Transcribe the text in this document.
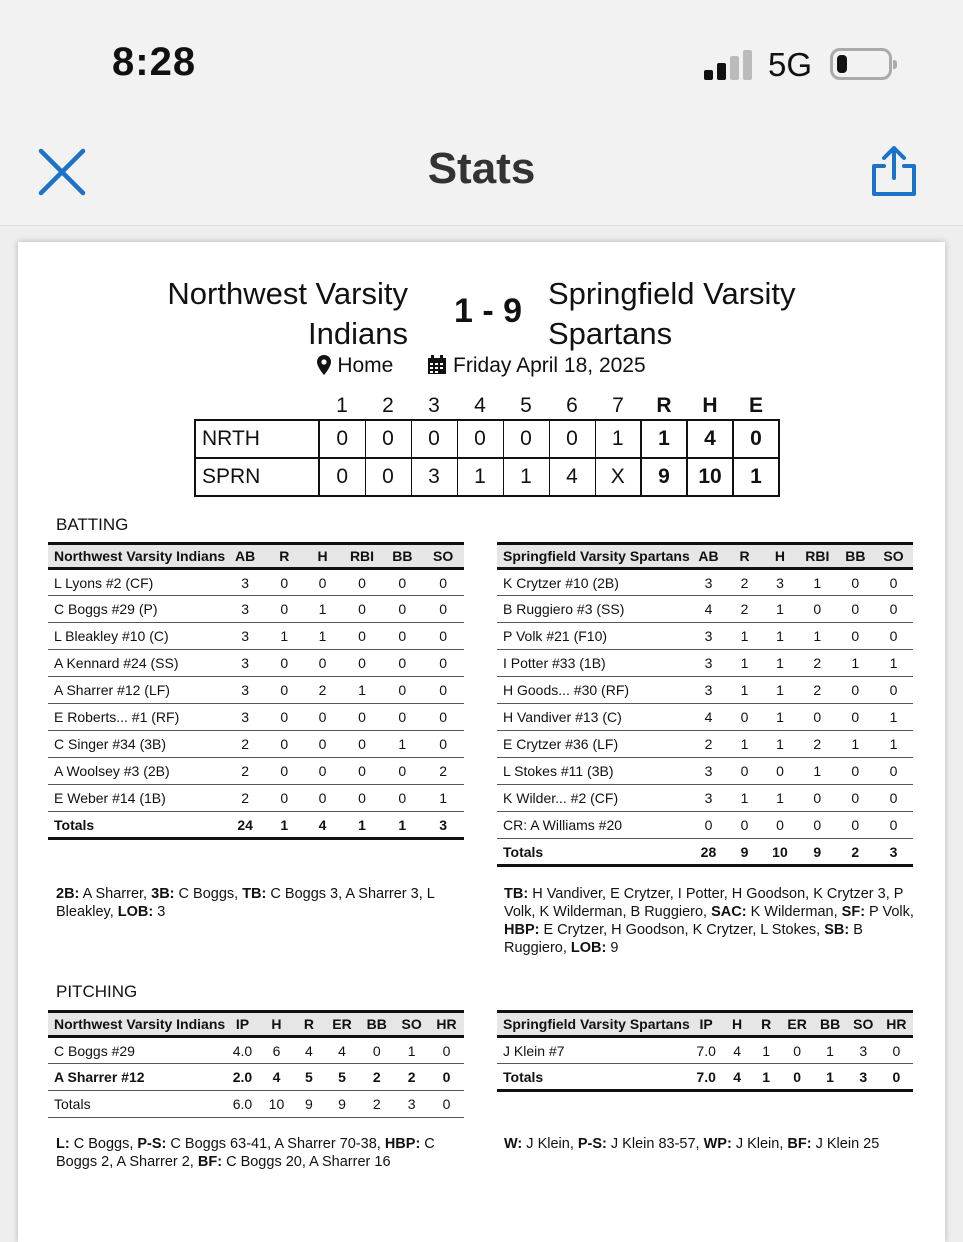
8:28	5G
Stats
Northwest Varsity
Indians
1 - 9 Springfield Varsity
Spartans
Home	Friday April 18, 2025
	1	2	3	4	5	6	7	R	H	E
NRTH	0	0	0	0	0	0	1	1	4	0
SPRN	0	0	3	1	1	4	X	9	10	1
BATTING
Northwest Varsity Indians	AB	R	H	RBI	BB	SO
L Lyons #2 (CF)	3	0	0	0	0	0
C Boggs #29 (P)	3	0	1	0	0	0
L Bleakley #10 (C)	3	1	1	0	0	0
A Kennard #24 (SS)	3	0	0	0	0	0
A Sharrer #12 (LF)	3	0	2	1	0	0
E Roberts... #1 (RF)	3	0	0	0	0	0
C Singer #34 (3B)	2	0	0	0	1	0
A Woolsey #3 (2B)	2	0	0	0	0	2
E Weber #14 (1B)	2	0	0	0	0	1
Totals	24	1	4	1	1	3
Springfield Varsity Spartans	AB	R	H	RBI	BB	SO
K Crytzer #10 (2B)	3	2	3	1	0	0
B Ruggiero #3 (SS)	4	2	1	0	0	0
P Volk #21 (F10)	3	1	1	1	0	0
I Potter #33 (1B)	3	1	1	2	1	1
H Goods... #30 (RF)	3	1	1	2	0	0
H Vandiver #13 (C)	4	0	1	0	0	1
E Crytzer #36 (LF)	2	1	1	2	1	1
L Stokes #11 (3B)	3	0	0	1	0	0
K Wilder... #2 (CF)	3	1	1	0	0	0
CR: A Williams #20	0	0	0	0	0	0
Totals	28	9	10	9	2	3
2B: A Sharrer, 3B: C Boggs, TB: C Boggs 3, A Sharrer 3, L Bleakley, LOB: 3
TB: H Vandiver, E Crytzer, I Potter, H Goodson, K Crytzer 3, P Volk, K Wilderman, B Ruggiero, SAC: K Wilderman, SF: P Volk, HBP: E Crytzer, H Goodson, K Crytzer, L Stokes, SB: B Ruggiero, LOB: 9
PITCHING
Northwest Varsity Indians	IP	H	R	ER	BB	SO	HR
C Boggs #29	4.0	6	4	4	0	1	0
A Sharrer #12	2.0	4	5	5	2	2	0
Totals	6.0	10	9	9	2	3	0
Springfield Varsity Spartans	IP	H	R	ER	BB	SO	HR
J Klein #7	7.0	4	1	0	1	3	0
Totals	7.0	4	1	0	1	3	0
L: C Boggs, P-S: C Boggs 63-41, A Sharrer 70-38, HBP: C Boggs 2, A Sharrer 2, BF: C Boggs 20, A Sharrer 16
W: J Klein, P-S: J Klein 83-57, WP: J Klein, BF: J Klein 25
